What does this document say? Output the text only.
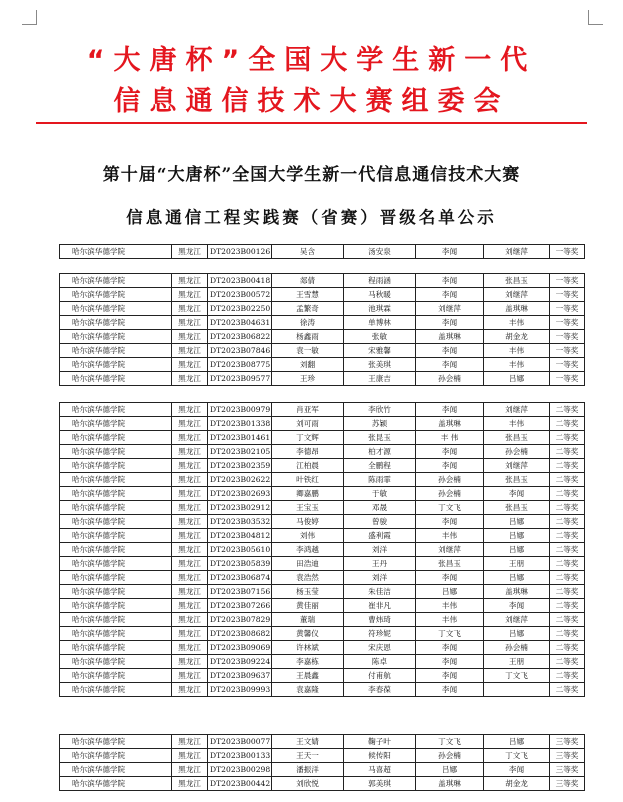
“大唐杯”全国大学生新一代
信息通信技术大赛组委会
第十届“大唐杯”全国大学生新一代信息通信技术大赛
信息通信工程实践赛（省赛）晋级名单公示
哈尔滨华德学院	黑龙江	DT2023B00126	吴含	汤安泉	李闻	刘继萍	一等奖
哈尔滨华德学院	黑龙江	DT2023B00418	郯倩	程雨涵	李闻	张昌玉	一等奖
哈尔滨华德学院	黑龙江	DT2023B00572	王雪慧	马秋暖	李闻	刘继萍	一等奖
哈尔滨华德学院	黑龙江	DT2023B02250	孟繁奇	池琪霖	刘继萍	盖琪琳	一等奖
哈尔滨华德学院	黑龙江	DT2023B04631	徐涛	单博林	李闻	丰伟	一等奖
哈尔滨华德学院	黑龙江	DT2023B06822	杨鑫雨	张敏	盖琪琳	胡金龙	一等奖
哈尔滨华德学院	黑龙江	DT2023B07846	袁一敏	宋雅馨	李闻	丰伟	一等奖
哈尔滨华德学院	黑龙江	DT2023B08775	刘翻	张美琪	李闻	丰伟	一等奖
哈尔滨华德学院	黑龙江	DT2023B09577	王珍	王康吉	孙会楠	吕娜	一等奖
哈尔滨华德学院	黑龙江	DT2023B00979	肖亚军	李欣竹	李闻	刘继萍	二等奖
哈尔滨华德学院	黑龙江	DT2023B01338	刘可雨	苏颖	盖琪琳	丰伟	二等奖
哈尔滨华德学院	黑龙江	DT2023B01461	丁文辉	张昆玉	丰 伟	张昌玉	二等奖
哈尔滨华德学院	黑龙江	DT2023B02105	李德昂	柏才源	李闻	孙会楠	二等奖
哈尔滨华德学院	黑龙江	DT2023B02359	江柏晨	全鹏程	李闻	刘继萍	二等奖
哈尔滨华德学院	黑龙江	DT2023B02622	叶铁红	陈雨霏	孙会楠	张昌玉	二等奖
哈尔滨华德学院	黑龙江	DT2023B02693	卿嘉鹏	于敏	孙会楠	李闻	二等奖
哈尔滨华德学院	黑龙江	DT2023B02912	王宝玉	邓晟	丁文飞	张昌玉	二等奖
哈尔滨华德学院	黑龙江	DT2023B03532	马俊婷	曾骏	李闻	吕娜	二等奖
哈尔滨华德学院	黑龙江	DT2023B04812	刘伟	盛利霞	丰伟	吕娜	二等奖
哈尔滨华德学院	黑龙江	DT2023B05610	李鸿越	刘洋	刘继萍	吕娜	二等奖
哈尔滨华德学院	黑龙江	DT2023B05839	田浩迪	王丹	张昌玉	王朋	二等奖
哈尔滨华德学院	黑龙江	DT2023B06874	袁浩然	刘洋	李闻	吕娜	二等奖
哈尔滨华德学院	黑龙江	DT2023B07156	杨玉莹	朱佳洁	吕娜	盖琪琳	二等奖
哈尔滨华德学院	黑龙江	DT2023B07266	黄佳丽	崔非凡	丰伟	李闻	二等奖
哈尔滨华德学院	黑龙江	DT2023B07829	董瑞	曹炜琦	丰伟	刘继萍	二等奖
哈尔滨华德学院	黑龙江	DT2023B08682	黄馨仪	符珍妮	丁文飞	吕娜	二等奖
哈尔滨华德学院	黑龙江	DT2023B09069	许林斌	宋庆恩	李闻	孙会楠	二等奖
哈尔滨华德学院	黑龙江	DT2023B09224	李嘉栋	陈卓	李闻	王朋	二等奖
哈尔滨华德学院	黑龙江	DT2023B09637	王晨鑫	付甫航	李闻	丁文飞	二等奖
哈尔滨华德学院	黑龙江	DT2023B09993	袁嘉隆	李春葆	李闻		二等奖
哈尔滨华德学院	黑龙江	DT2023B00077	王文婧	鞠子叶	丁文飞	吕娜	三等奖
哈尔滨华德学院	黑龙江	DT2023B00133	王天一	候传阳	孙会楠	丁文飞	三等奖
哈尔滨华德学院	黑龙江	DT2023B00298	潘振洋	马喜超	吕娜	李闻	三等奖
哈尔滨华德学院	黑龙江	DT2023B00442	刘欣悦	郭美琪	盖琪琳	胡金龙	三等奖
